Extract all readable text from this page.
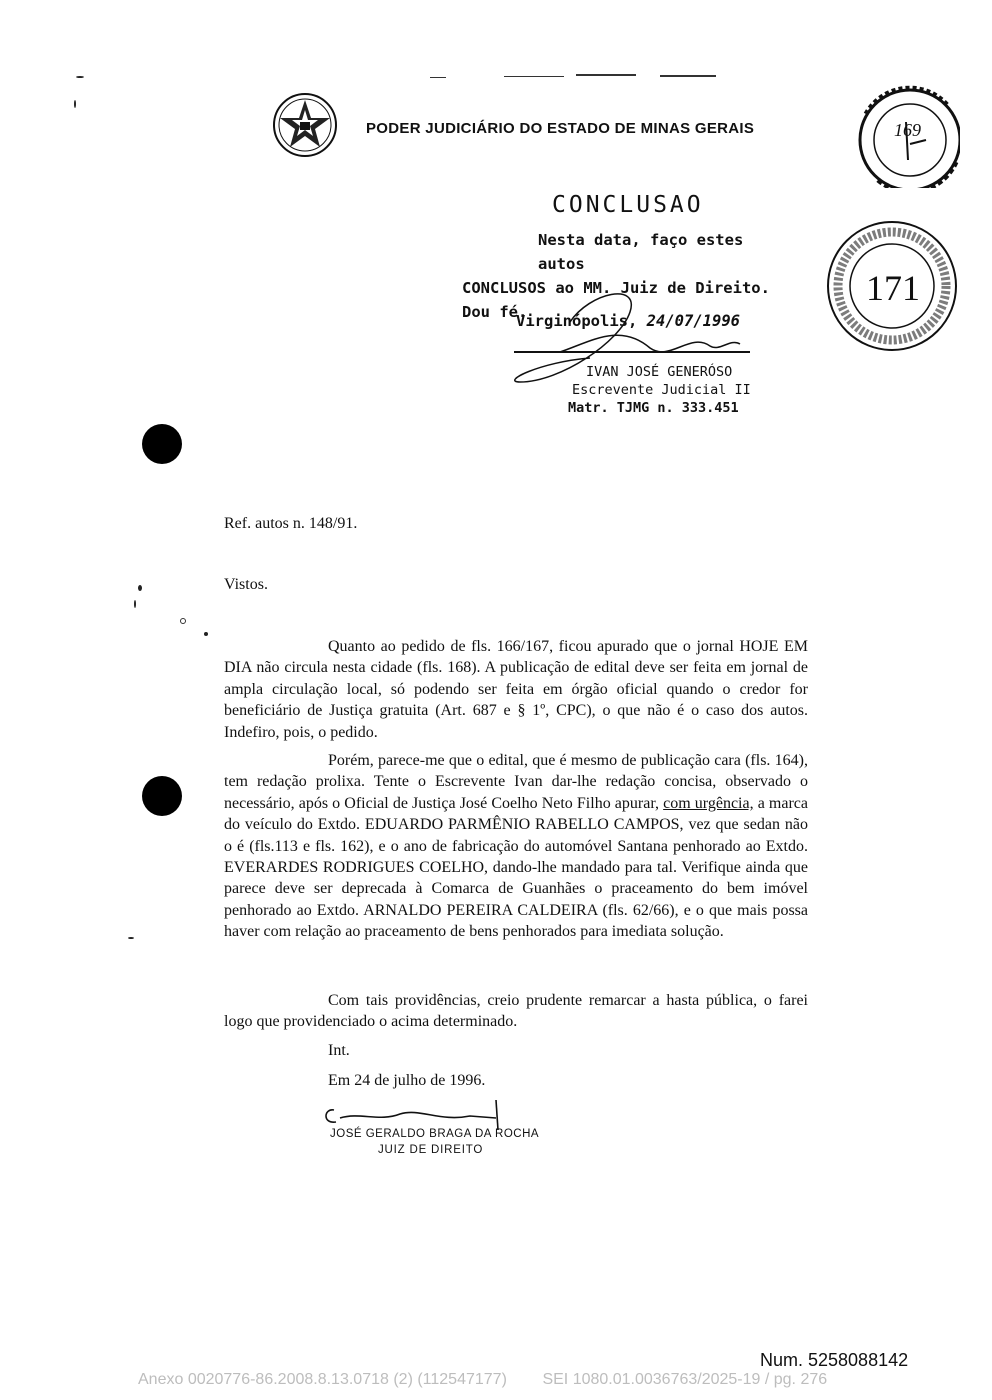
PODER JUDICIÁRIO DO ESTADO DE MINAS GERAIS	169
171
CONCLUSAO
Nesta data, faço estes autos
CONCLUSOS ao MM. Juiz de Direito.
Dou fé.
Virginópolis, 24/07/1996
IVAN JOSÉ GENERÓSO
Escrevente Judicial II
Matr. TJMG n. 333.451
Ref. autos n. 148/91.
Vistos.

Quanto ao pedido de fls. 166/167, ficou apurado que o jornal HOJE EM DIA não circula nesta cidade (fls. 168). A publicação de edital deve ser feita em jornal de ampla circulação local, só podendo ser feita em órgão oficial quando o credor for beneficiário de Justiça gratuita (Art. 687 e § 1º, CPC), o que não é o caso dos autos. Indefiro, pois, o pedido.

Porém, parece-me que o edital, que é mesmo de publicação cara (fls. 164), tem redação prolixa. Tente o Escrevente Ivan dar-lhe redação concisa, observado o necessário, após o Oficial de Justiça José Coelho Neto Filho apurar, com urgência, a marca do veículo do Extdo. EDUARDO PARMÊNIO RABELLO CAMPOS, vez que sedan não o é (fls.113 e fls. 162), e o ano de fabricação do automóvel Santana penhorado ao Extdo. EVERARDES RODRIGUES COELHO, dando-lhe mandado para tal. Verifique ainda que parece deve ser deprecada à Comarca de Guanhães o praceamento do bem imóvel penhorado ao Extdo. ARNALDO PEREIRA CALDEIRA (fls. 62/66), e o que mais possa haver com relação ao praceamento de bens penhorados para imediata solução.

Com tais providências, creio prudente remarcar a hasta pública, o farei logo que providenciado o acima determinado.

Int.
Em 24 de julho de 1996.
JOSÉ GERALDO BRAGA DA ROCHA
JUIZ DE DIREITO
Num. 5258088142
Anexo 0020776-86.2008.8.13.0718 (2) (112547177)        SEI 1080.01.0036763/2025-19 / pg. 276
